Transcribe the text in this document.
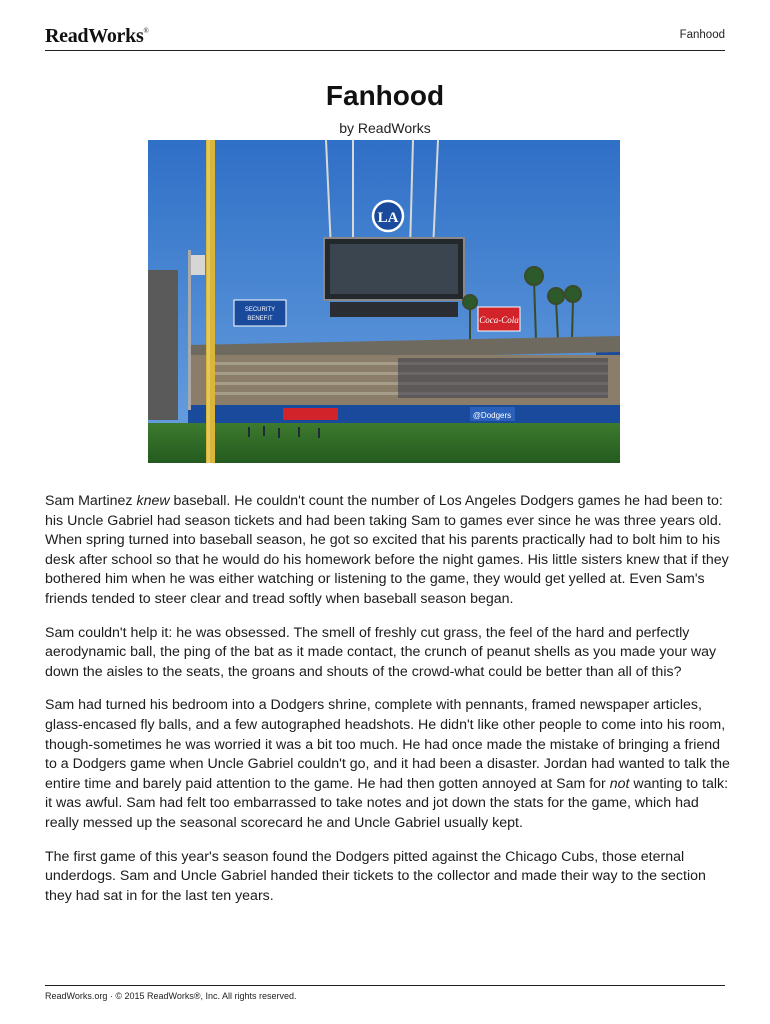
ReadWorks®	Fanhood
Fanhood
by ReadWorks
LA
SECURITY
BENEFIT	Coca-Cola
@Dodgers

Sam Martinez knew baseball. He couldn't count the number of Los Angeles Dodgers games he had been to: his Uncle Gabriel had season tickets and had been taking Sam to games ever since he was three years old. When spring turned into baseball season, he got so excited that his parents practically had to bolt him to his desk after school so that he would do his homework before the night games. His little sisters knew that if they bothered him when he was either watching or listening to the game, they would get yelled at. Even Sam's friends tended to steer clear and tread softly when baseball season began.

Sam couldn't help it: he was obsessed. The smell of freshly cut grass, the feel of the hard and perfectly aerodynamic ball, the ping of the bat as it made contact, the crunch of peanut shells as you made your way down the aisles to the seats, the groans and shouts of the crowd-what could be better than all of this?

Sam had turned his bedroom into a Dodgers shrine, complete with pennants, framed newspaper articles, glass-encased fly balls, and a few autographed headshots. He didn't like other people to come into his room, though-sometimes he was worried it was a bit too much. He had once made the mistake of bringing a friend to a Dodgers game when Uncle Gabriel couldn't go, and it had been a disaster. Jordan had wanted to talk the entire time and barely paid attention to the game. He had then gotten annoyed at Sam for not wanting to talk: it was awful. Sam had felt too embarrassed to take notes and jot down the stats for the game, which had really messed up the seasonal scorecard he and Uncle Gabriel usually kept.

The first game of this year's season found the Dodgers pitted against the Chicago Cubs, those eternal underdogs. Sam and Uncle Gabriel handed their tickets to the collector and made their way to the section they had sat in for the last ten years.

ReadWorks.org · © 2015 ReadWorks®, Inc. All rights reserved.
